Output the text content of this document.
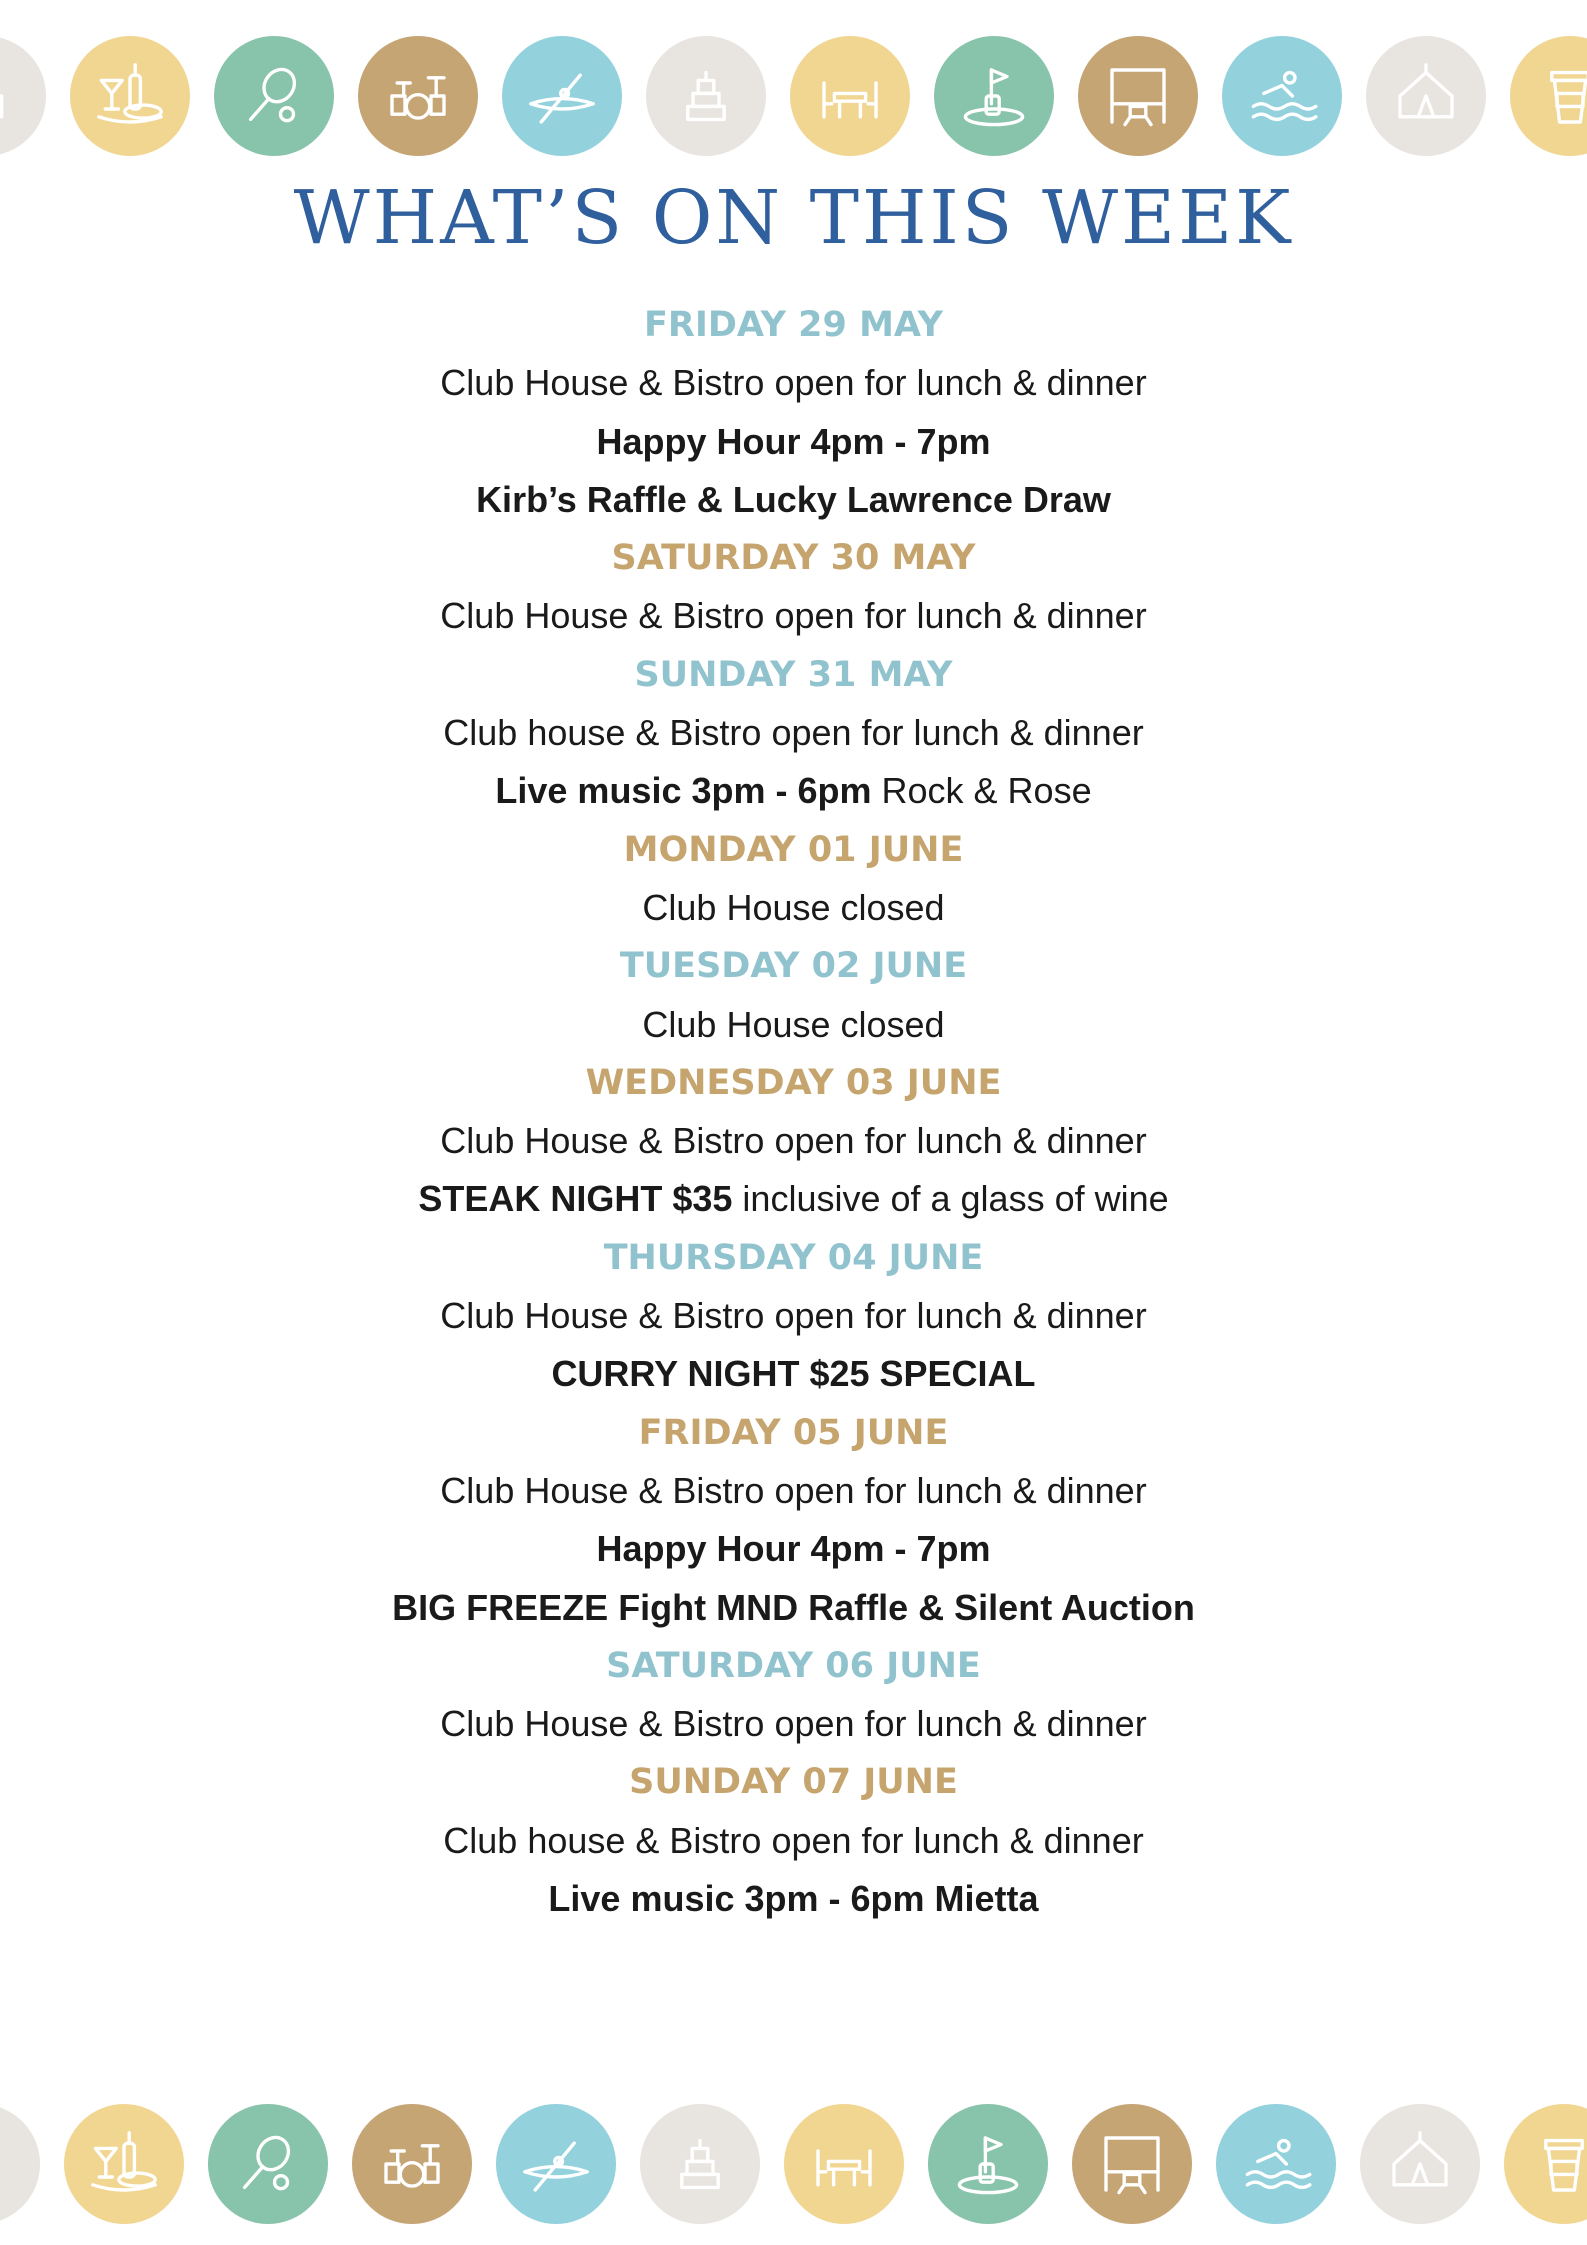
WHAT’S ON THIS WEEK
FRIDAY 29 MAY
Club House & Bistro open for lunch & dinner
Happy Hour 4pm - 7pm
Kirb’s Raffle & Lucky Lawrence Draw
SATURDAY 30 MAY
Club House & Bistro open for lunch & dinner
SUNDAY 31 MAY
Club house & Bistro open for lunch & dinner
Live music 3pm - 6pm Rock & Rose
MONDAY 01 JUNE
Club House closed
TUESDAY 02 JUNE
Club House closed
WEDNESDAY 03 JUNE
Club House & Bistro open for lunch & dinner
STEAK NIGHT $35 inclusive of a glass of wine
THURSDAY 04 JUNE
Club House & Bistro open for lunch & dinner
CURRY NIGHT $25 SPECIAL
FRIDAY 05 JUNE
Club House & Bistro open for lunch & dinner
Happy Hour 4pm - 7pm
BIG FREEZE Fight MND Raffle & Silent Auction
SATURDAY 06 JUNE
Club House & Bistro open for lunch & dinner
SUNDAY 07 JUNE
Club house & Bistro open for lunch & dinner
Live music 3pm - 6pm Mietta
